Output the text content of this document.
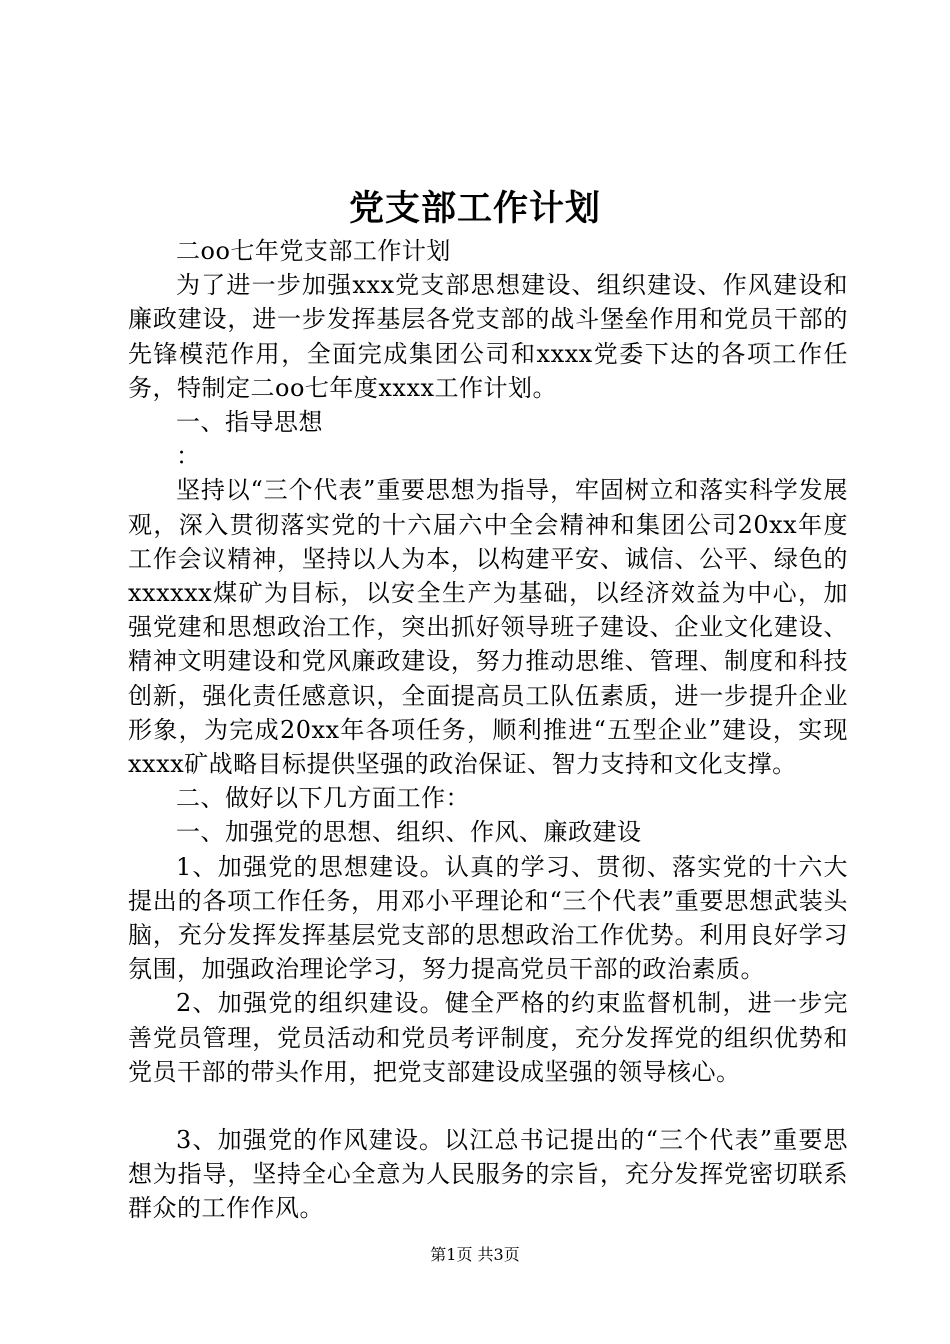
党支部工作计划

二oo七年党支部工作计划

为了进一步加强xxx党支部思想建设、组织建设、作风建设和廉政建设，进一步发挥基层各党支部的战斗堡垒作用和党员干部的先锋模范作用，全面完成集团公司和xxxx党委下达的各项工作任务，特制定二oo七年度xxxx工作计划。

一、指导思想

：

坚持以“三个代表”重要思想为指导，牢固树立和落实科学发展观，深入贯彻落实党的十六届六中全会精神和集团公司20xx年度工作会议精神，坚持以人为本，以构建平安、诚信、公平、绿色的xxxxxx煤矿为目标，以安全生产为基础，以经济效益为中心，加强党建和思想政治工作，突出抓好领导班子建设、企业文化建设、精神文明建设和党风廉政建设，努力推动思维、管理、制度和科技创新，强化责任感意识，全面提高员工队伍素质，进一步提升企业形象，为完成20xx年各项任务，顺利推进“五型企业”建设，实现xxxx矿战略目标提供坚强的政治保证、智力支持和文化支撑。

二、做好以下几方面工作：

一、加强党的思想、组织、作风、廉政建设

1、加强党的思想建设。认真的学习、贯彻、落实党的十六大提出的各项工作任务，用邓小平理论和“三个代表”重要思想武装头脑，充分发挥发挥基层党支部的思想政治工作优势。利用良好学习氛围，加强政治理论学习，努力提高党员干部的政治素质。

2、加强党的组织建设。健全严格的约束监督机制，进一步完善党员管理，党员活动和党员考评制度，充分发挥党的组织优势和党员干部的带头作用，把党支部建设成坚强的领导核心。

3、加强党的作风建设。以江总书记提出的“三个代表”重要思想为指导，坚持全心全意为人民服务的宗旨，充分发挥党密切联系群众的工作作风。

第1页 共3页
